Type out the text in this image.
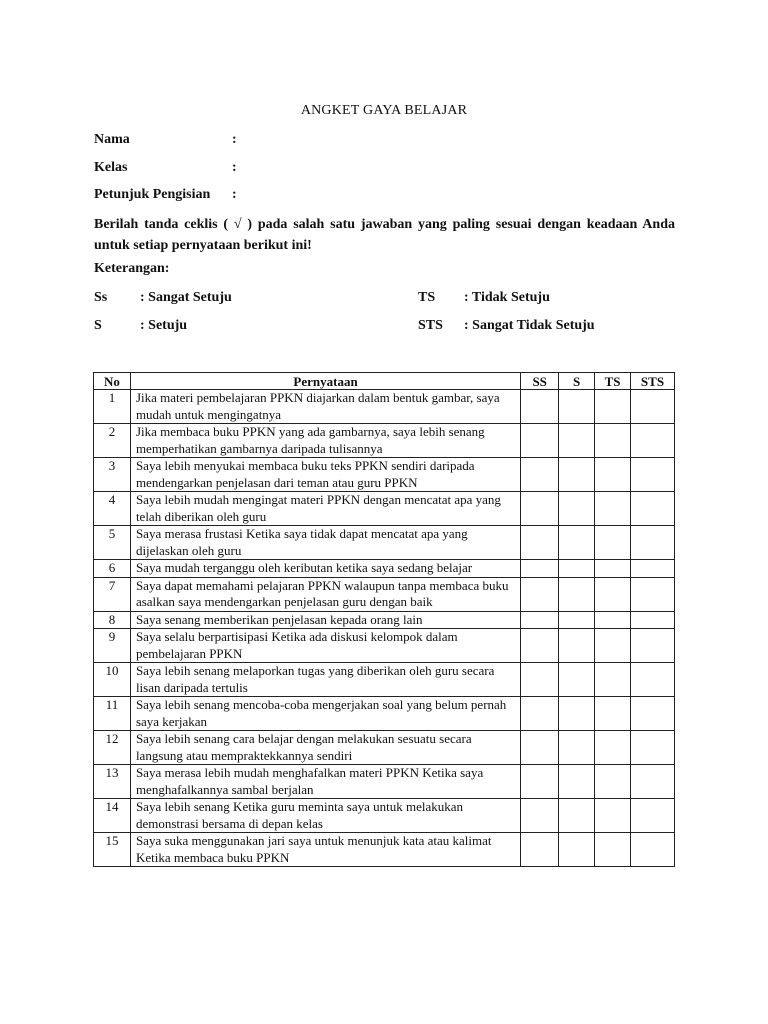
ANGKET GAYA BELAJAR
Nama	:
Kelas	:
Petunjuk Pengisian :
Berilah tanda ceklis ( √ ) pada salah satu jawaban yang paling sesuai dengan keadaan Anda untuk setiap pernyataan berikut ini!
Keterangan:
Ss : Sangat Setuju	TS : Tidak Setuju
S	: Setuju	STS : Sangat Tidak Setuju
No	Pernyataan	SS	S	TS	STS
1	Jika materi pembelajaran PPKN diajarkan dalam bentuk gambar, saya mudah untuk mengingatnya				
2	Jika membaca buku PPKN yang ada gambarnya, saya lebih senang memperhatikan gambarnya daripada tulisannya				
3	Saya lebih menyukai membaca buku teks PPKN sendiri daripada mendengarkan penjelasan dari teman atau guru PPKN				
4	Saya lebih mudah mengingat materi PPKN dengan mencatat apa yang telah diberikan oleh guru				
5	Saya merasa frustasi Ketika saya tidak dapat mencatat apa yang dijelaskan oleh guru				
6	Saya mudah terganggu oleh keributan ketika saya sedang belajar				
7	Saya dapat memahami pelajaran PPKN walaupun tanpa membaca buku asalkan saya mendengarkan penjelasan guru dengan baik				
8	Saya senang memberikan penjelasan kepada orang lain				
9	Saya selalu berpartisipasi Ketika ada diskusi kelompok dalam pembelajaran PPKN				
10	Saya lebih senang melaporkan tugas yang diberikan oleh guru secara lisan daripada tertulis				
11	Saya lebih senang mencoba-coba mengerjakan soal yang belum pernah saya kerjakan				
12	Saya lebih senang cara belajar dengan melakukan sesuatu secara langsung atau mempraktekkannya sendiri				
13	Saya merasa lebih mudah menghafalkan materi PPKN Ketika saya menghafalkannya sambal berjalan				
14	Saya lebih senang Ketika guru meminta saya untuk melakukan demonstrasi bersama di depan kelas				
15	Saya suka menggunakan jari saya untuk menunjuk kata atau kalimat Ketika membaca buku PPKN				
